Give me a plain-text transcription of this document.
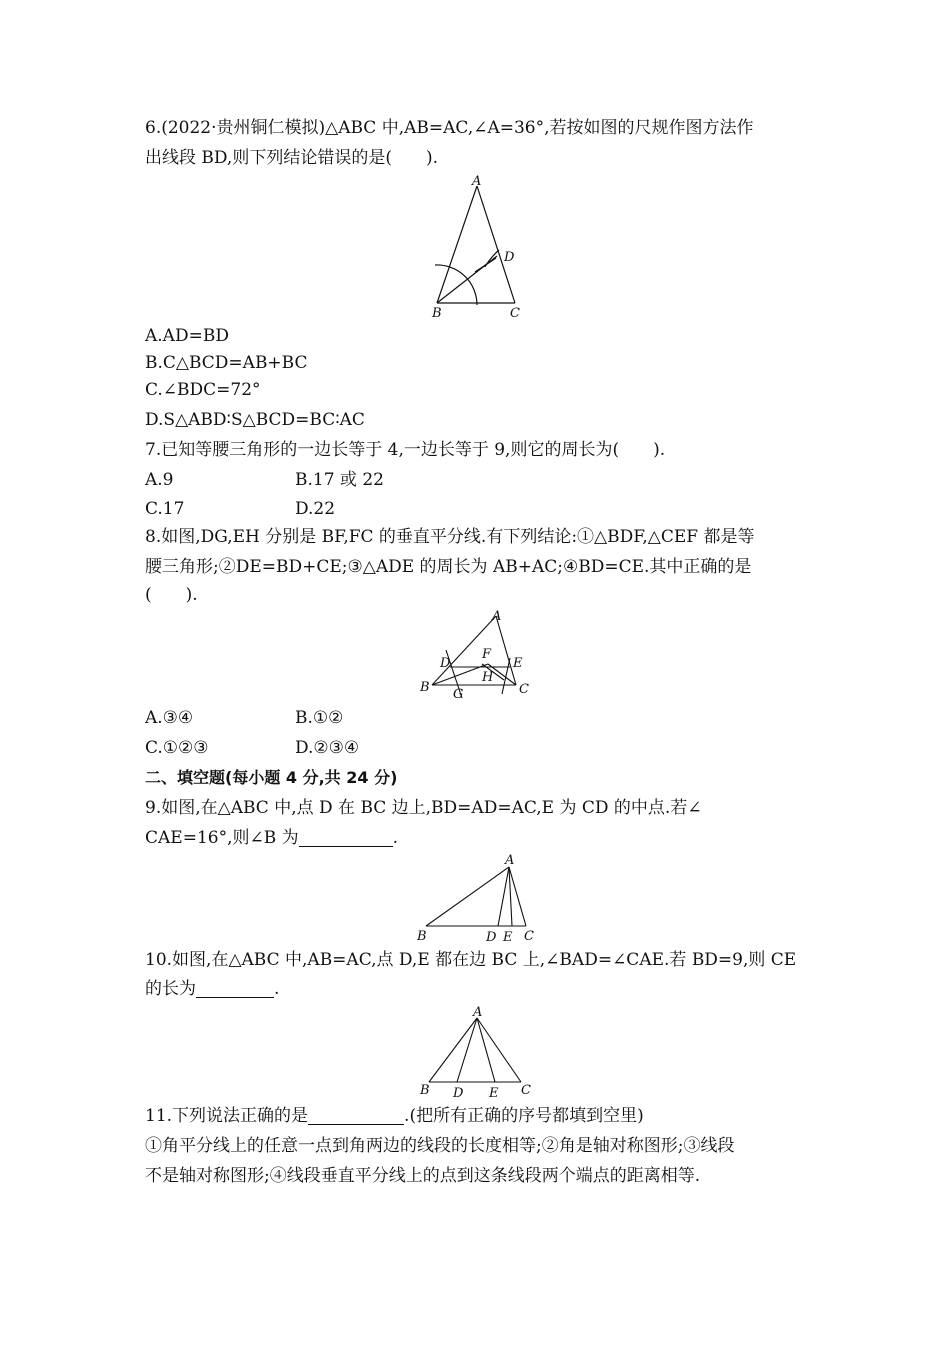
6.(2022·贵州铜仁模拟)△ABC 中,AB=AC,∠A=36°,若按如图的尺规作图方法作
出线段 BD,则下列结论错误的是(　　).
A
B	C
D
A.AD=BD
B.C△BCD=AB+BC
C.∠BDC=72°
D.S△ABD∶S△BCD=BC∶AC
7.已知等腰三角形的一边长等于 4,一边长等于 9,则它的周长为(　　).
A.9	B.17 或 22
C.17	D.22
8.如图,DG,EH 分别是 BF,FC 的垂直平分线.有下列结论:①△BDF,△CEF 都是等
腰三角形;②DE=BD+CE;③△ADE 的周长为 AB+AC;④BD=CE.其中正确的是
(　　).
A
B	C
D	E
F
G
H
A.③④	B.①②
C.①②③	D.②③④
二、填空题(每小题 4 分,共 24 分)
9.如图,在△ABC 中,点 D 在 BC 边上,BD=AD=AC,E 为 CD 的中点.若∠
CAE=16°,则∠B 为	.
A
B	D E C
10.如图,在△ABC 中,AB=AC,点 D,E 都在边 BC 上,∠BAD=∠CAE.若 BD=9,则 CE
的长为	.
A
B D E C
11.下列说法正确的是	.(把所有正确的序号都填到空里)
①角平分线上的任意一点到角两边的线段的长度相等;②角是轴对称图形;③线段
不是轴对称图形;④线段垂直平分线上的点到这条线段两个端点的距离相等.
